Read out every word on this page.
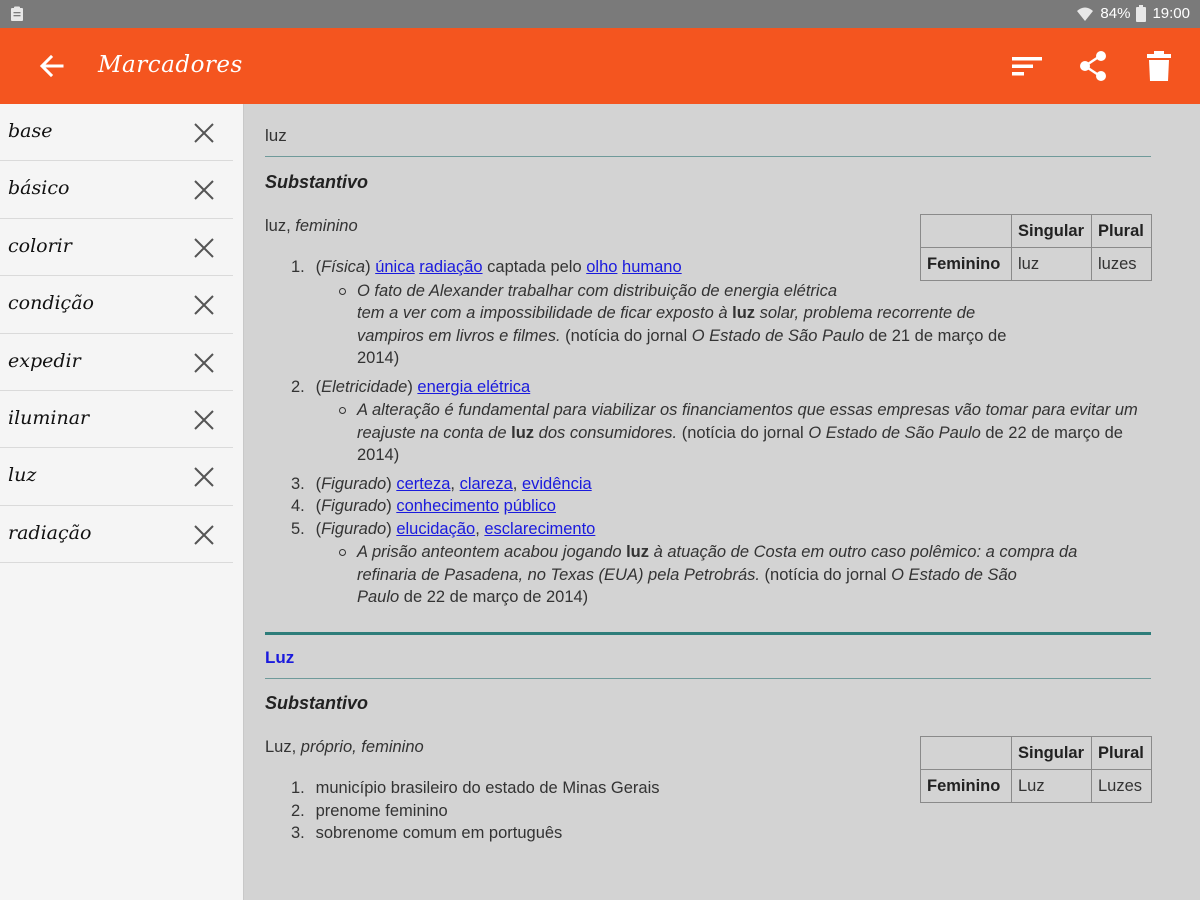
84% 19:00
Marcadores
base
básico
colorir
condição
expedir
iluminar
luz
radiação
luz
Substantivo
luz, feminino
		Singular	Plural
Feminino	luz	luzes
1. (Física) única radiação captada pelo olho humano
O fato de Alexander trabalhar com distribuição de energia elétrica
tem a ver com a impossibilidade de ficar exposto à luz solar, problema recorrente de vampiros em livros e filmes. (notícia do jornal O Estado de São Paulo de 21 de março de 2014)
2. (Eletricidade) energia elétrica
A alteração é fundamental para viabilizar os financiamentos que essas empresas vão tomar para evitar um reajuste na conta de luz dos consumidores. (notícia do jornal O Estado de São Paulo de 22 de março de 2014)
3. (Figurado) certeza, clareza, evidência
4. (Figurado) conhecimento público
5. (Figurado) elucidação, esclarecimento
A prisão anteontem acabou jogando luz à atuação de Costa em outro caso polêmico: a compra da refinaria de Pasadena, no Texas (EUA) pela Petrobrás. (notícia do jornal O Estado de São
Paulo de 22 de março de 2014)
Luz
Substantivo
Luz, próprio, feminino
		Singular	Plural
Feminino	Luz	Luzes
1. município brasileiro do estado de Minas Gerais
2. prenome feminino
3. sobrenome comum em português
